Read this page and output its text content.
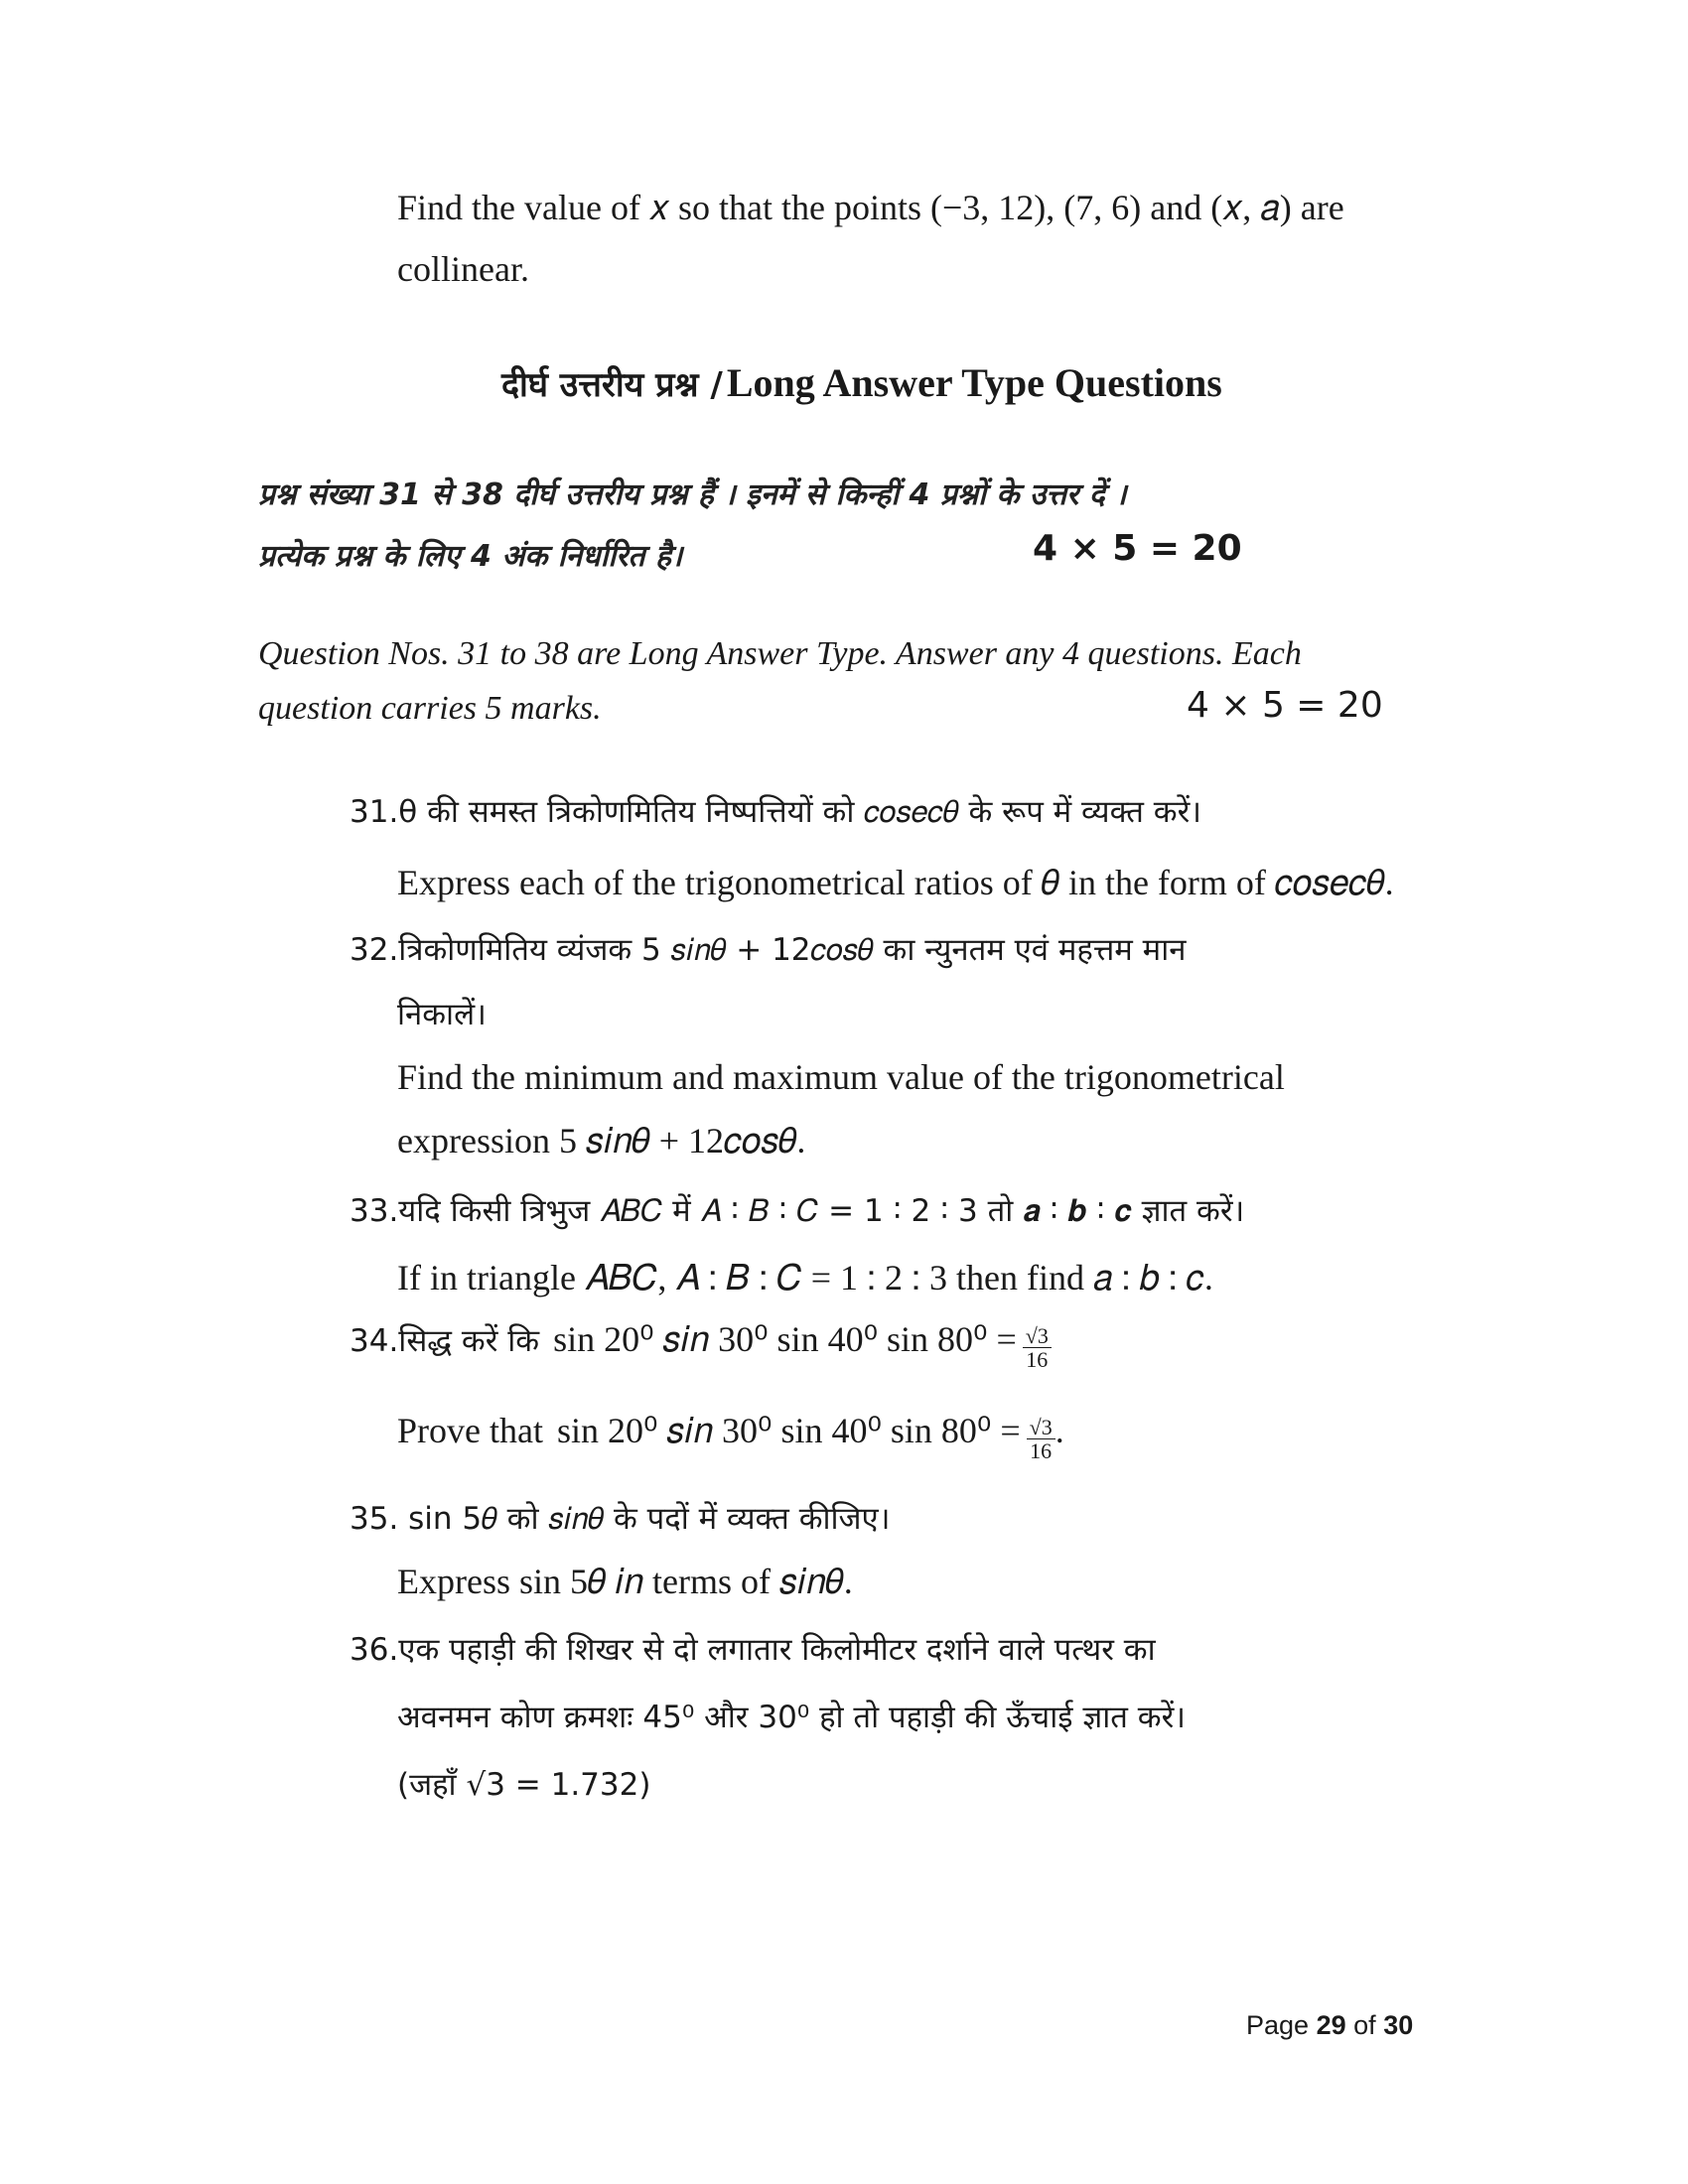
Find the value of 𝑥 so that the points (−3, 12), (7, 6) and (𝑥, 𝑎) are
collinear.
दीर्घ उत्तरीय प्रश्न / Long Answer Type Questions
प्रश्न संख्या 31 से 38 दीर्घ उत्तरीय प्रश्न हैं । इनमें से किन्हीं 4 प्रश्नों के उत्तर दें ।
प्रत्येक प्रश्न के लिए 4 अंक निर्धारित है।	4 × 5 = 20
Question Nos. 31 to 38 are Long Answer Type. Answer any 4 questions. Each
question carries 5 marks.	4 × 5 = 20
31.θ की समस्त त्रिकोणमितिय निष्पत्तियों को 𝑐𝑜𝑠𝑒𝑐𝜃 के रूप में व्यक्त करें।
Express each of the trigonometrical ratios of 𝜃 in the form of 𝑐𝑜𝑠𝑒𝑐𝜃.
32.त्रिकोणमितिय व्यंजक 5 𝑠𝑖𝑛𝜃 + 12𝑐𝑜𝑠𝜃 का न्युनतम एवं महत्तम मान
निकालें।
Find the minimum and maximum value of the trigonometrical
expression 5 𝑠𝑖𝑛𝜃 + 12𝑐𝑜𝑠𝜃.
33.यदि किसी त्रिभुज 𝐴𝐵𝐶 में 𝐴 ∶ 𝐵 ∶ 𝐶 = 1 ∶ 2 ∶ 3 तो 𝒂 ∶ 𝒃 ∶ 𝒄 ज्ञात करें।
If in triangle 𝐴𝐵𝐶, 𝐴 ∶ 𝐵 ∶ 𝐶 = 1 ∶ 2 ∶ 3 then find 𝑎 ∶ 𝑏 ∶ 𝑐.
34.सिद्ध करें कि sin 20⁰ 𝑠𝑖𝑛 30⁰ sin 40⁰ $\sin 80^0 = \frac{√3}{16}$
Prove that sin 20⁰ 𝑠𝑖𝑛 30⁰ sin 40⁰ $\sin 80^0 = \frac{√3}{16}$ .
35. sin 5𝜃 को 𝑠𝑖𝑛𝜃 के पदों में व्यक्त कीजिए।
Express sin 5𝜃 𝑖𝑛 terms of 𝑠𝑖𝑛𝜃.
36.एक पहाड़ी की शिखर से दो लगातार किलोमीटर दर्शाने वाले पत्थर का
अवनमन कोण क्रमशः 45⁰ और 30⁰ हो तो पहाड़ी की ऊँचाई ज्ञात करें।
(जहाँ √3 = 1.732)
Page 29 of 30
